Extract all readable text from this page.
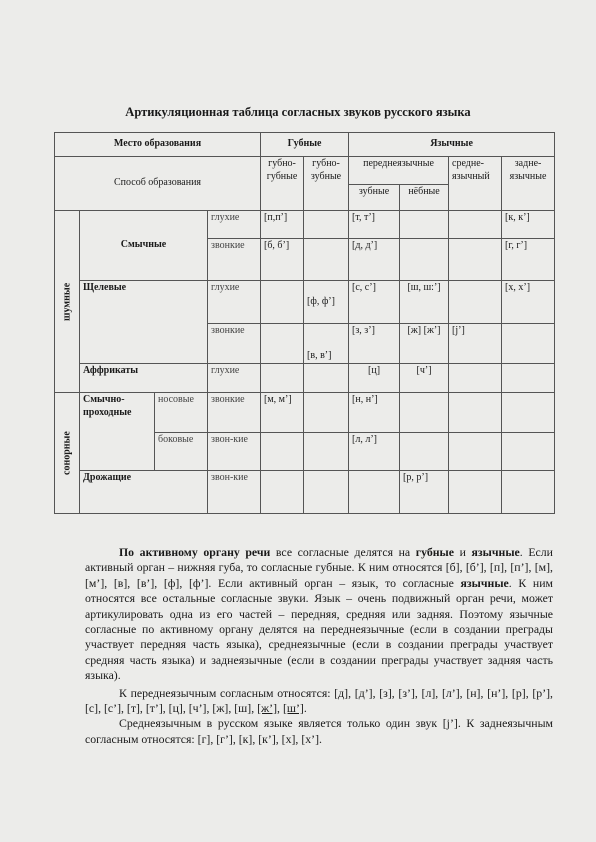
Артикуляционная таблица согласных звуков русского языка
Место образования				Губные		Язычные			
Способ образования				губно-губные	губно-зубные	переднеязычные		средне-язычный	задне-язычные
						зубные	нёбные		
шумные	Смычные		глухие	[п,п’]		[т, т’]			[к, к’]
			звонкие	[б, б’]		[д, д’]			[г, г’]
	Щелевые		глухие		[ф, ф’]	[с, с’]	[ш, ш:’]		[х, х’]
			звонкие		[в, в’]	[з, з’]	[ж] [ж’]	[j’]	
	Аффрикаты		глухие			[ц]	[ч’]		
сонорные	Смычно-проходные	носовые	звонкие	[м, м’]		[н, н’]			
		боковые	звон-кие			[л, л’]			
	Дрожащие		звон-кие				[р, р’]		

По активному органу речи все согласные делятся на губные и язычные. Если активный орган – нижняя губа, то согласные губные. К ним относятся [б], [б’], [п], [п’], [м], [м’], [в], [в’], [ф], [ф’]. Если активный орган – язык, то согласные язычные. К ним относятся все остальные согласные звуки. Язык – очень подвижный орган речи, может артикулировать одна из его частей – передняя, средняя или задняя. Поэтому язычные согласные по активному органу делятся на переднеязычные (если в создании преграды участвует передняя часть языка), среднеязычные (если в создании преграды участвует средняя часть языка) и заднеязычные (если в создании преграды участвует задняя часть языка).

К переднеязычным согласным относятся: [д], [д’], [з], [з’], [л], [л’], [н], [н’], [р], [р’], [с], [с’], [т], [т’], [ц], [ч’], [ж], [ш], [ж’], [ш’].

Среднеязычным в русском языке является только один звук [j’]. К заднеязычным согласным относятся: [г], [г’], [к], [к’], [х], [х’].
